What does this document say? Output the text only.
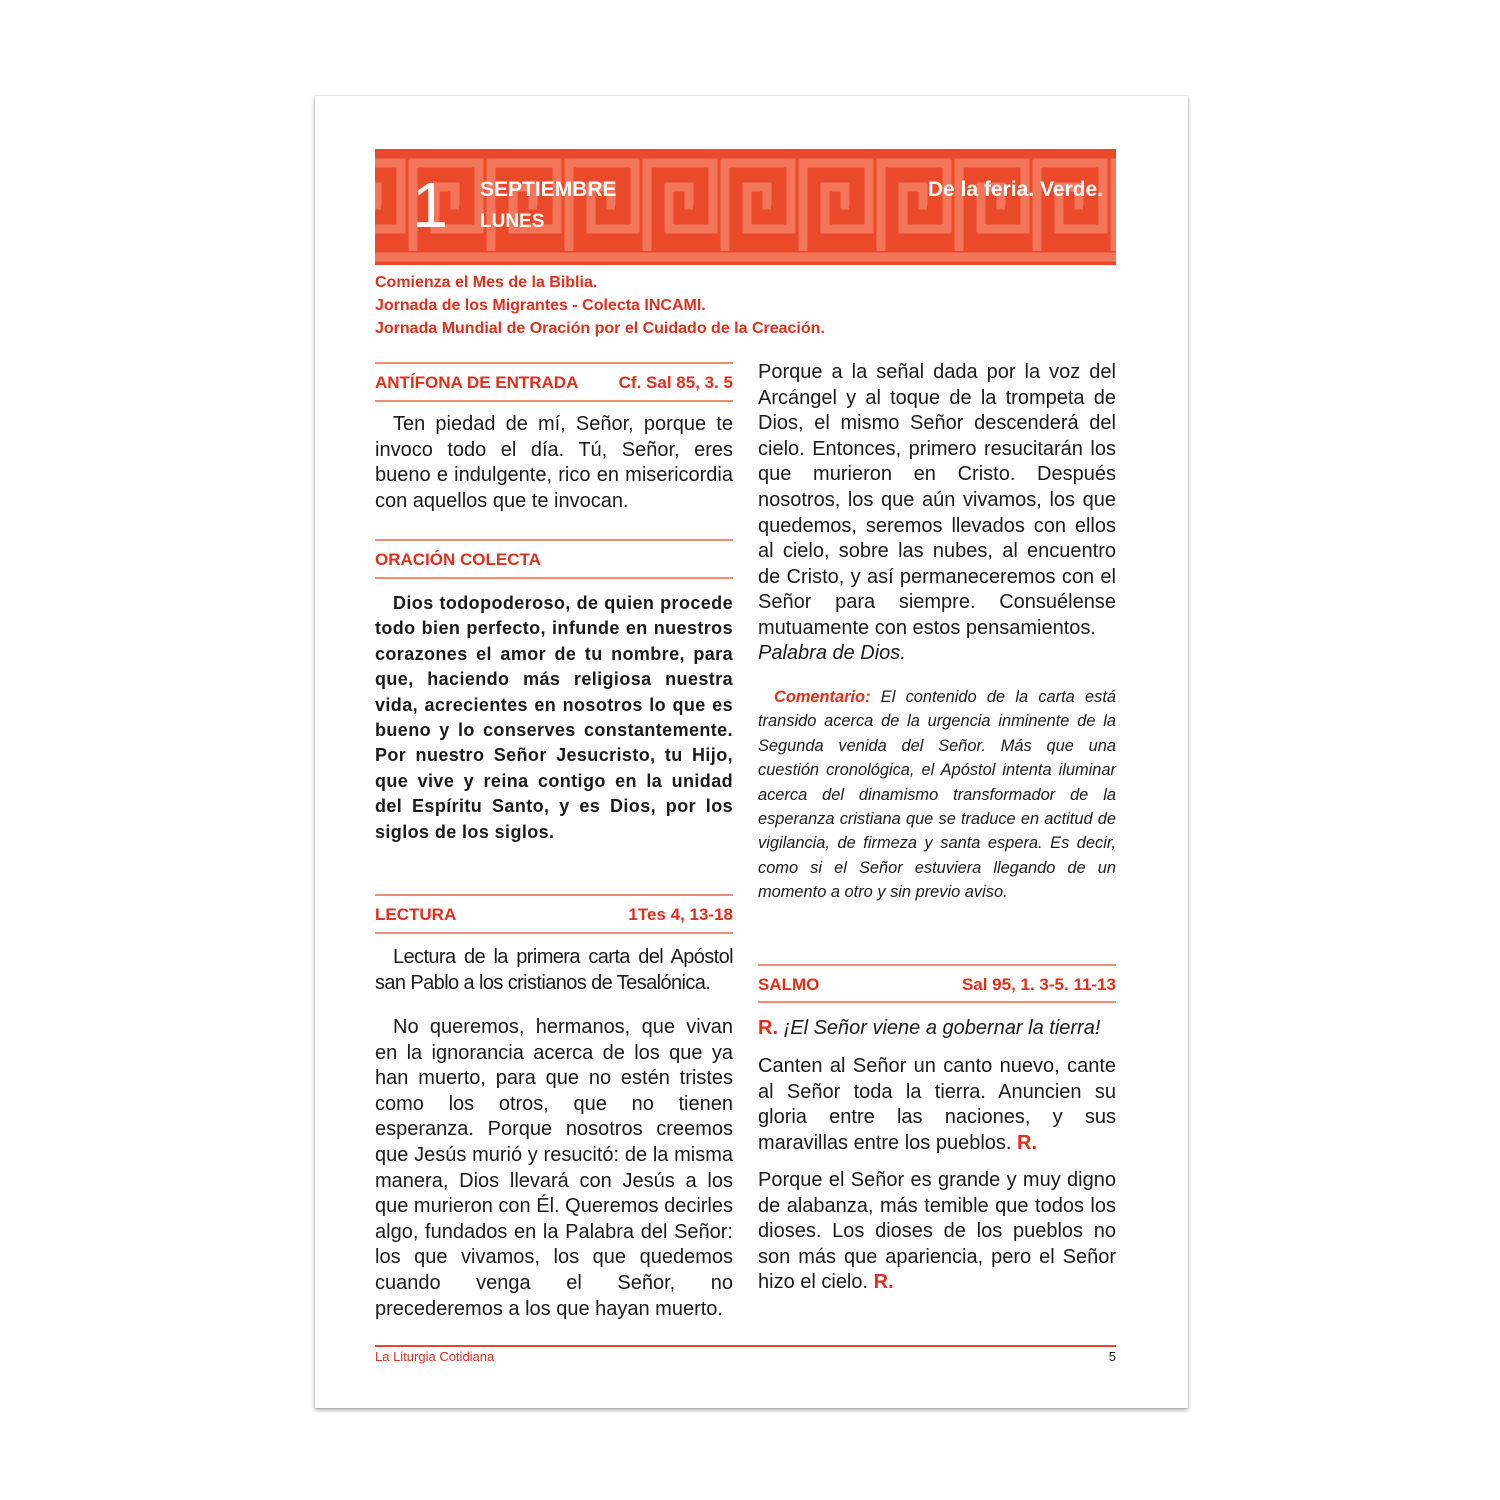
1 SEPTIEMBRE
LUNES
De la feria. Verde.
Comienza el Mes de la Biblia.
Jornada de los Migrantes - Colecta INCAMI.
Jornada Mundial de Oración por el Cuidado de la Creación.
ANTÍFONA DE ENTRADA	Cf. Sal 85, 3. 5
Ten piedad de mí, Señor, porque te invoco todo el día. Tú, Señor, eres bueno e indulgente, rico en misericordia con aquellos que te invocan.
ORACIÓN COLECTA
Dios todopoderoso, de quien procede todo bien perfecto, infunde en nuestros corazones el amor de tu nombre, para que, haciendo más religiosa nuestra vida, acrecientes en nosotros lo que es bueno y lo conserves constantemente. Por nuestro Señor Jesucristo, tu Hijo, que vive y reina contigo en la unidad del Espíritu Santo, y es Dios, por los siglos de los siglos.
LECTURA	1Tes 4, 13-18
Lectura de la primera carta del Apóstol san Pablo a los cristianos de Tesalónica.
No queremos, hermanos, que vivan en la ignorancia acerca de los que ya han muerto, para que no estén tristes como los otros, que no tienen esperanza. Porque nosotros creemos que Jesús murió y resucitó: de la misma manera, Dios llevará con Jesús a los que murieron con Él. Queremos decirles algo, fundados en la Palabra del Señor: los que vivamos, los que quedemos cuando venga el Señor, no precederemos a los que hayan muerto.
Porque a la señal dada por la voz del Arcángel y al toque de la trompeta de Dios, el mismo Señor descenderá del cielo. Entonces, primero resucitarán los que murieron en Cristo. Después nosotros, los que aún vivamos, los que quedemos, seremos llevados con ellos al cielo, sobre las nubes, al encuentro de Cristo, y así permaneceremos con el Señor para siempre. Consuélense mutuamente con estos pensamientos.
Palabra de Dios.
Comentario: El contenido de la carta está transido acerca de la urgencia inminente de la Segunda venida del Señor. Más que una cuestión cronológica, el Apóstol intenta iluminar acerca del dinamismo transformador de la esperanza cristiana que se traduce en actitud de vigilancia, de firmeza y santa espera. Es decir, como si el Señor estuviera llegando de un momento a otro y sin previo aviso.
SALMO	Sal 95, 1. 3-5. 11-13
R. ¡El Señor viene a gobernar la tierra!
Canten al Señor un canto nuevo, cante al Señor toda la tierra. Anuncien su gloria entre las naciones, y sus maravillas entre los pueblos. R.
Porque el Señor es grande y muy digno de alabanza, más temible que todos los dioses. Los dioses de los pueblos no son más que apariencia, pero el Señor hizo el cielo. R.
La Liturgia Cotidiana	5
